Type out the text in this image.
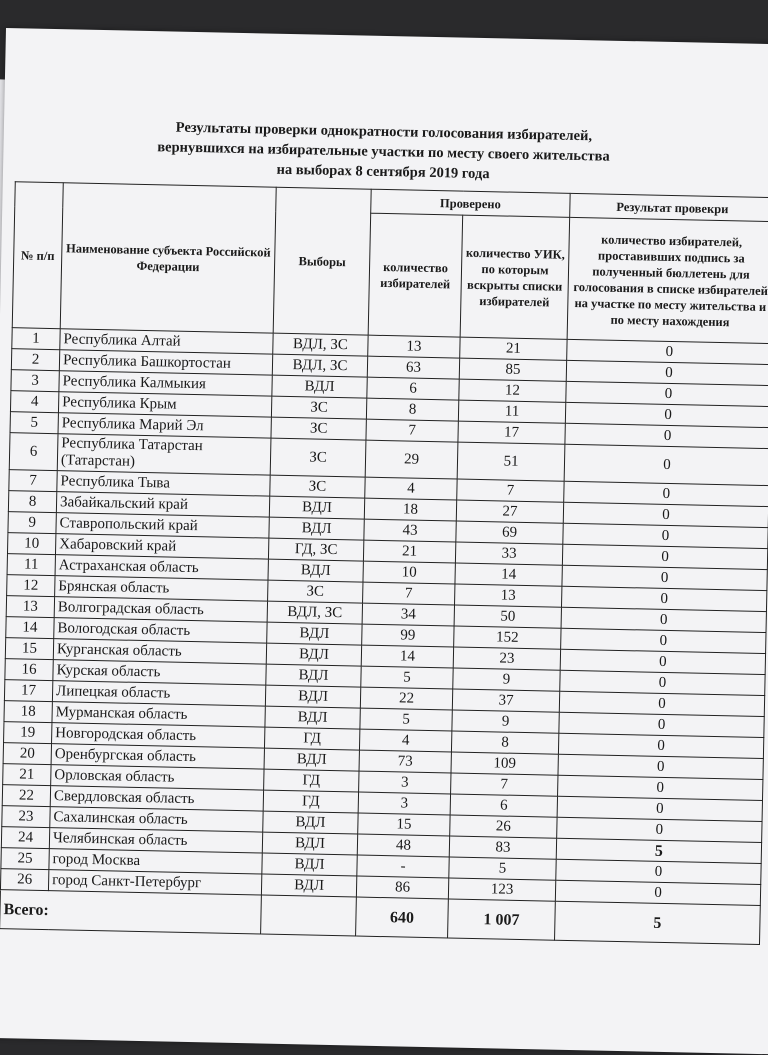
Результаты проверки однократности голосования избирателей,
вернувшихся на избирательные участки по месту своего жительства
на выборах 8 сентября 2019 года
№ п/п	Наименование субъекта Российской Федерации	Выборы	Проверено		Результат провекри
			количество избирателей	количество УИК, по которым вскрыты списки избирателей	количество избирателей, проставивших подпись за полученный бюллетень для голосования в списке избирателей на участке по месту жительства и по месту нахождения
1	Республика Алтай	ВДЛ, ЗС	13	21	0
2	Республика Башкортостан	ВДЛ, ЗС	63	85	0
3	Республика Калмыкия	ВДЛ	6	12	0
4	Республика Крым	ЗС	8	11	0
5	Республика Марий Эл	ЗС	7	17	0
6	Республика Татарстан (Татарстан)	ЗС	29	51	0
7	Республика Тыва	ЗС	4	7	0
8	Забайкальский край	ВДЛ	18	27	0
9	Ставропольский край	ВДЛ	43	69	0
10	Хабаровский край	ГД, ЗС	21	33	0
11	Астраханская область	ВДЛ	10	14	0
12	Брянская область	ЗС	7	13	0
13	Волгоградская область	ВДЛ, ЗС	34	50	0
14	Вологодская область	ВДЛ	99	152	0
15	Курганская область	ВДЛ	14	23	0
16	Курская область	ВДЛ	5	9	0
17	Липецкая область	ВДЛ	22	37	0
18	Мурманская область	ВДЛ	5	9	0
19	Новгородская область	ГД	4	8	0
20	Оренбургская область	ВДЛ	73	109	0
21	Орловская область	ГД	3	7	0
22	Свердловская область	ГД	3	6	0
23	Сахалинская область	ВДЛ	15	26	0
24	Челябинская область	ВДЛ	48	83	5
25	город Москва	ВДЛ	-	5	0
26	город Санкт-Петербург	ВДЛ	86	123	0
Всего:			640	1 007	5
